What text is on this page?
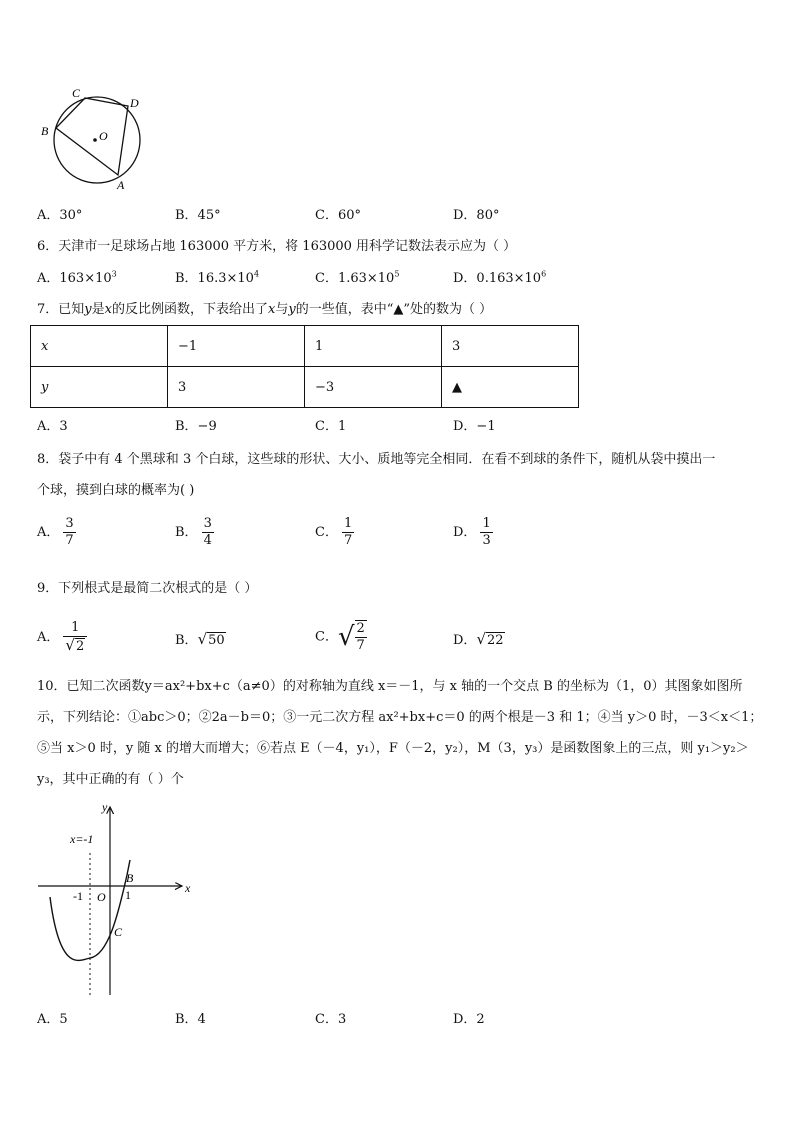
C
D
B	O
A
A．30°	B．45°	C．60°	D．80°
6．天津市一足球场占地 163000 平方米，将 163000 用科学记数法表示应为（ ）
A．$163\times 10^3$	B．$16.3\times 10^4$	C．$1.63\times 10^5$	D．$0.163\times 10^6$
7．已知y是x的反比例函数，下表给出了x与y的一些值，表中“▲”处的数为（ ）
x	−1	1	3
y	3	−3	▲
A．3	B．−9	C．1	D．−1
8．袋子中有 4 个黑球和 3 个白球，这些球的形状、大小、质地等完全相同．在看不到球的条件下，随机从袋中摸出一
个球，摸到白球的概率为( )
A． $\frac{3}{7}$	B． $\frac{3}{4}$	C． $\frac{1}{7}$	D． $\frac{1}{3}$
9．下列根式是最简二次根式的是（ ）
A． $\frac{1}{√2}$	B．√50	C．√ $\frac{2}{7}$	D．√22
10．已知二次函数y＝ax²+bx+c（a≠0）的对称轴为直线 x＝－1，与 x 轴的一个交点 B 的坐标为（1，0）其图象如图所
示，下列结论：①abc＞0；②2a－b＝0；③一元二次方程 ax²+bx+c＝0 的两个根是－3 和 1；④当 y＞0 时，－3＜x＜1；
⑤当 x＞0 时，y 随 x 的增大而增大；⑥若点 E（－4，y₁），F（－2，y₂），M（3，y₃）是函数图象上的三点，则 y₁＞y₂＞
y₃，其中正确的有（ ）个
y
x
x=-1
-1 O 1
B
C
A．5	B．4	C．3	D．2
